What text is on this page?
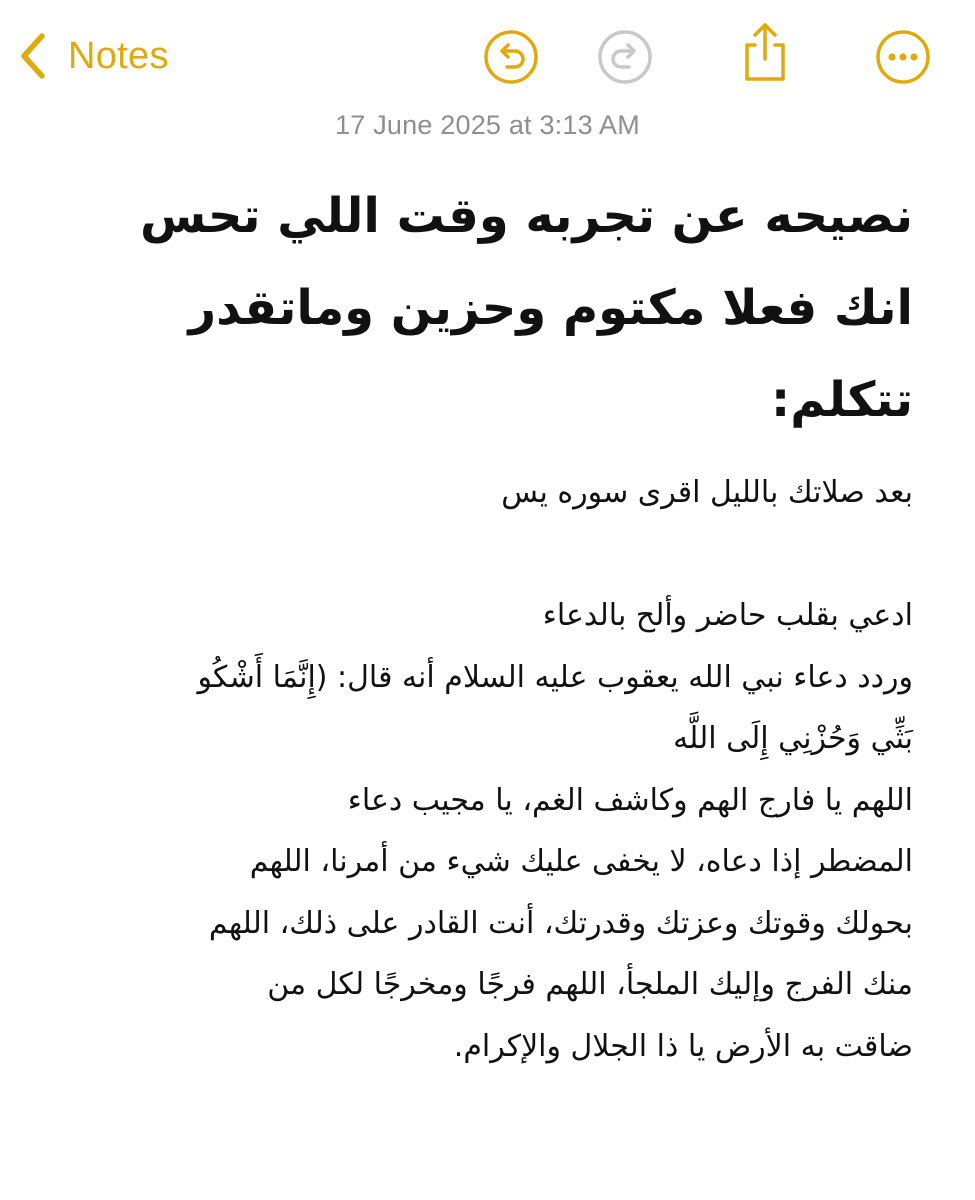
Notes
17 June 2025 at 3:13 AM
نصيحه عن تجربه وقت اللي تحس
انك فعلا مكتوم وحزين وماتقدر
تتكلم:
بعد صلاتك بالليل اقرى سوره يس
ادعي بقلب حاضر وألح بالدعاء
وردد دعاء نبي الله يعقوب عليه السلام أنه قال: (إِنَّمَا أَشْكُو
بَثِّي وَحُزْنِي إِلَى اللَّه
اللهم يا فارج الهم وكاشف الغم، يا مجيب دعاء
المضطر إذا دعاه، لا يخفى عليك شيء من أمرنا، اللهم
بحولك وقوتك وعزتك وقدرتك، أنت القادر على ذلك، اللهم
منك الفرج وإليك الملجأ، اللهم فرجًا ومخرجًا لكل من
ضاقت به الأرض يا ذا الجلال والإكرام.
